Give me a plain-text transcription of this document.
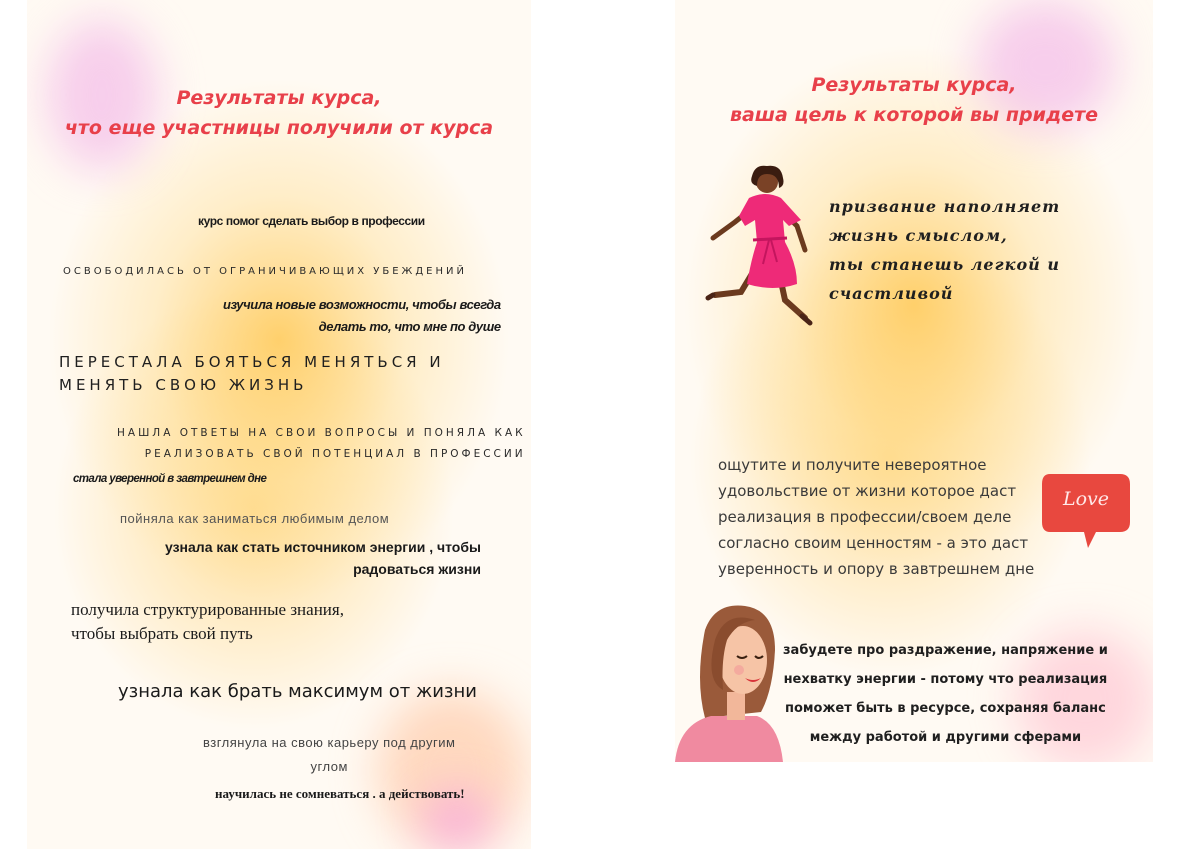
Результаты курса,
что еще участницы получили от курса
курс помог сделать выбор в профессии
ОСВОБОДИЛАСЬ ОТ ОГРАНИЧИВАЮЩИХ УБЕЖДЕНИЙ
изучила новые возможности, чтобы всегда
делать то, что мне по душе
ПЕРЕСТАЛА БОЯТЬСЯ МЕНЯТЬСЯ И
МЕНЯТЬ СВОЮ ЖИЗНЬ
НАШЛА ОТВЕТЫ НА СВОИ ВОПРОСЫ И ПОНЯЛА КАК
РЕАЛИЗОВАТЬ СВОЙ ПОТЕНЦИАЛ В ПРОФЕССИИ
стала уверенной в завтрешнем дне
пойняла как заниматься любимым делом
узнала как стать источником энергии , чтобы
радоваться жизни
получила структурированные знания,
чтобы выбрать свой путь
узнала как брать максимум от жизни
взглянула на свою карьеру под другим
углом
научилась не сомневаться . а действовать!
Результаты курса,
ваша цель к которой вы придете
призвание наполняет
жизнь смыслом,
ты станешь легкой и
счастливой
ощутите и получите невероятное
удовольствие от жизни которое даст
реализация в профессии/своем деле
согласно своим ценностям - а это даст
уверенность и опору в завтрешнем дне
Love
забудете про раздражение, напряжение и
нехватку энергии - потому что реализация
поможет быть в ресурсе, сохраняя баланс
между работой и другими сферами
